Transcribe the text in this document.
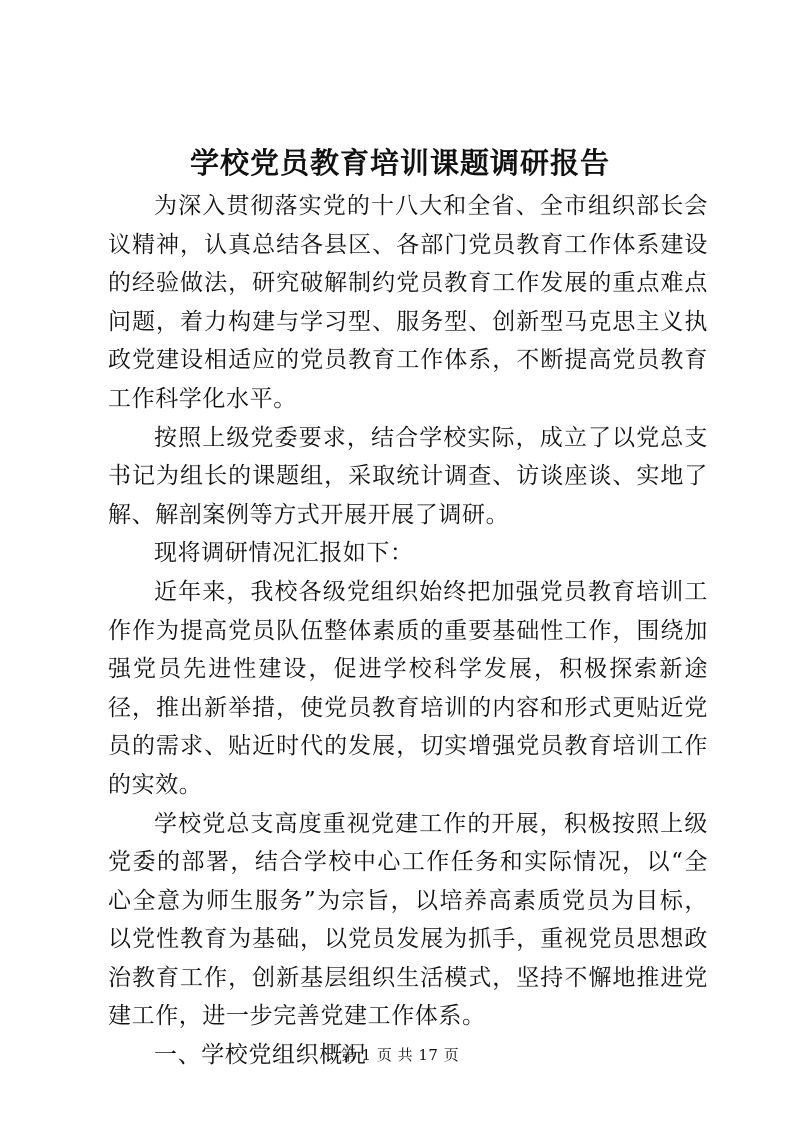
学校党员教育培训课题调研报告

为深入贯彻落实党的十八大和全省、全市组织部长会议精神，认真总结各县区、各部门党员教育工作体系建设的经验做法，研究破解制约党员教育工作发展的重点难点问题，着力构建与学习型、服务型、创新型马克思主义执政党建设相适应的党员教育工作体系，不断提高党员教育工作科学化水平。

按照上级党委要求，结合学校实际，成立了以党总支书记为组长的课题组，采取统计调查、访谈座谈、实地了解、解剖案例等方式开展开展了调研。

现将调研情况汇报如下：

近年来，我校各级党组织始终把加强党员教育培训工作作为提高党员队伍整体素质的重要基础性工作，围绕加强党员先进性建设，促进学校科学发展，积极探索新途径，推出新举措，使党员教育培训的内容和形式更贴近党员的需求、贴近时代的发展，切实增强党员教育培训工作的实效。

学校党总支高度重视党建工作的开展，积极按照上级党委的部署，结合学校中心工作任务和实际情况，以“全心全意为师生服务”为宗旨，以培养高素质党员为目标，以党性教育为基础，以党员发展为抓手，重视党员思想政治教育工作，创新基层组织生活模式，坚持不懈地推进党建工作，进一步完善党建工作体系。

一、学校党组织概况

第 1 页 共 17 页
